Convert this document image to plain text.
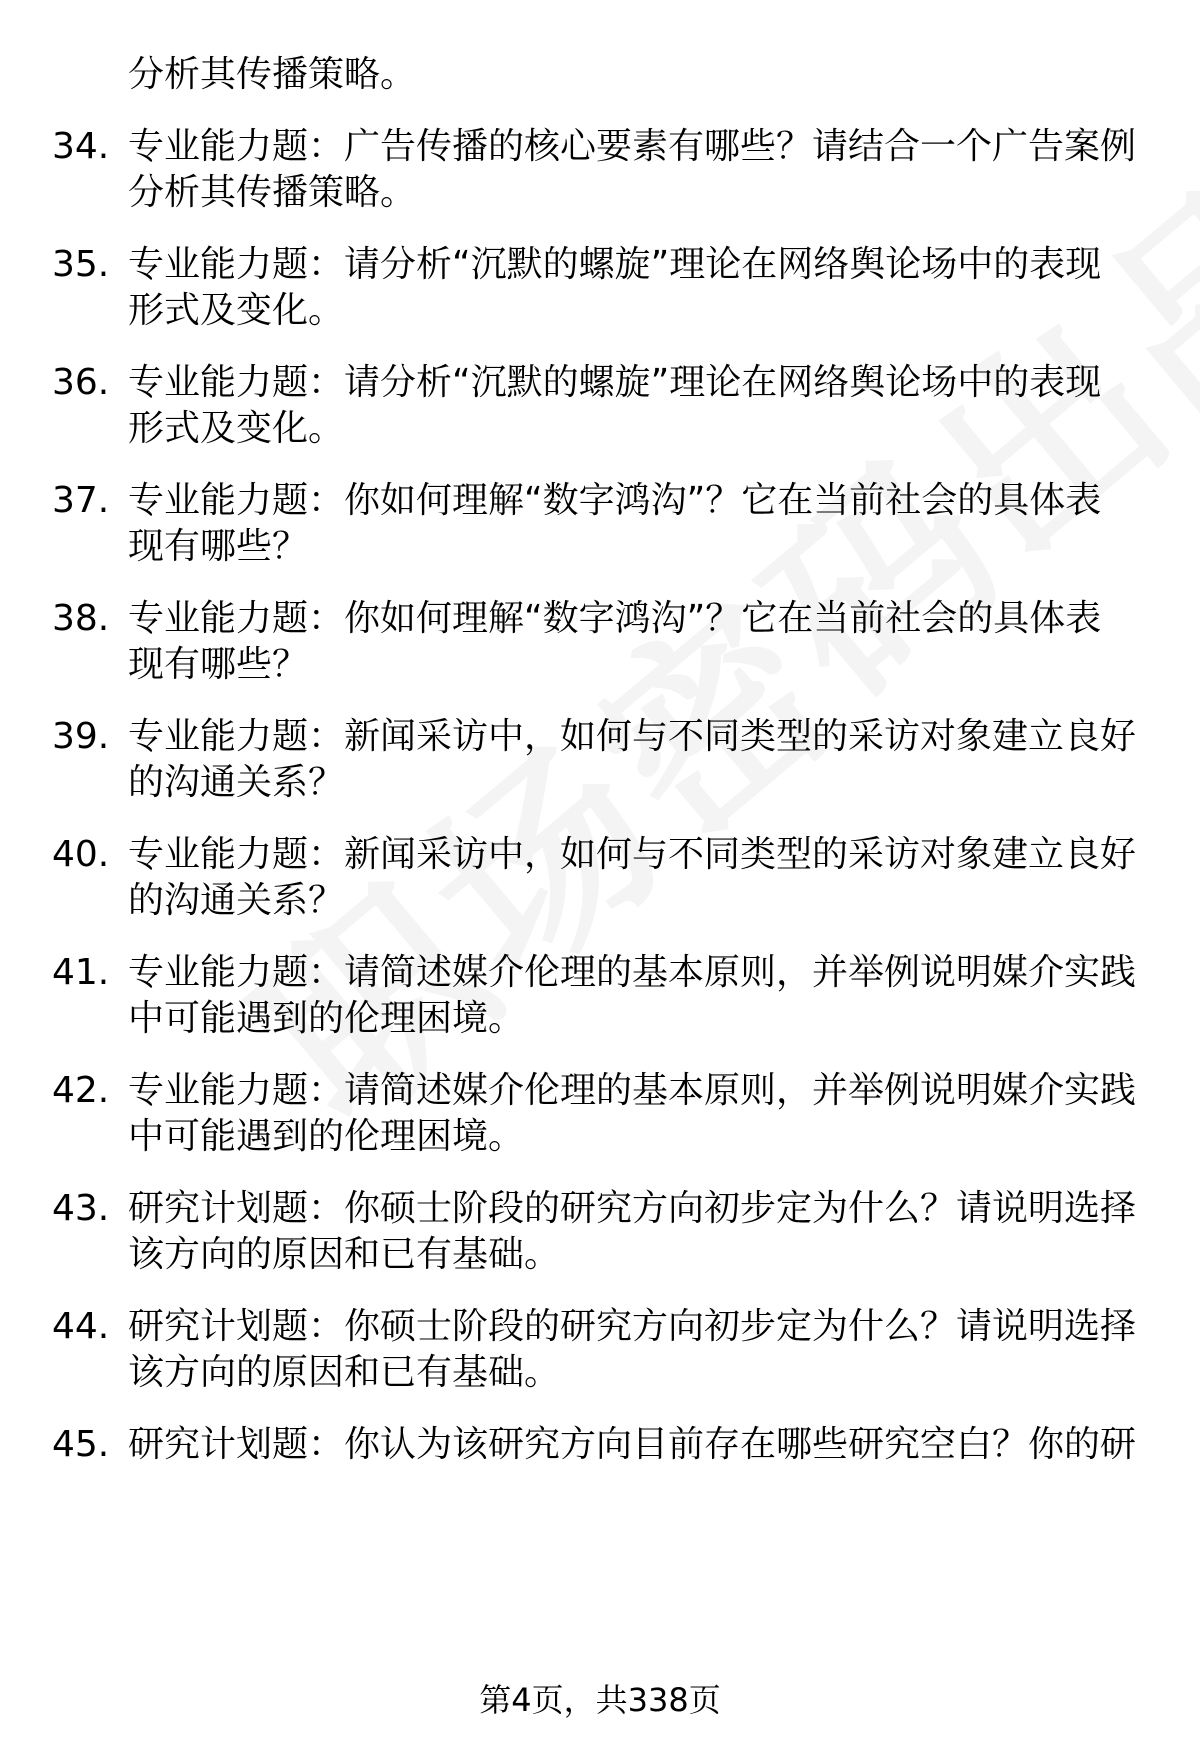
分析其传播策略。
34. 专业能力题：广告传播的核心要素有哪些？请结合一个广告案例
分析其传播策略。
35. 专业能力题：请分析“沉默的螺旋”理论在网络舆论场中的表现
形式及变化。
36. 专业能力题：请分析“沉默的螺旋”理论在网络舆论场中的表现
形式及变化。
37. 专业能力题：你如何理解“数字鸿沟”？它在当前社会的具体表
现有哪些？
38. 专业能力题：你如何理解“数字鸿沟”？它在当前社会的具体表
现有哪些？
39. 专业能力题：新闻采访中，如何与不同类型的采访对象建立良好
的沟通关系？
40. 专业能力题：新闻采访中，如何与不同类型的采访对象建立良好
的沟通关系？
41. 专业能力题：请简述媒介伦理的基本原则，并举例说明媒介实践
中可能遇到的伦理困境。
42. 专业能力题：请简述媒介伦理的基本原则，并举例说明媒介实践
中可能遇到的伦理困境。
43. 研究计划题：你硕士阶段的研究方向初步定为什么？请说明选择
该方向的原因和已有基础。
44. 研究计划题：你硕士阶段的研究方向初步定为什么？请说明选择
该方向的原因和已有基础。
45. 研究计划题：你认为该研究方向目前存在哪些研究空白？你的研
第4页，共338页
